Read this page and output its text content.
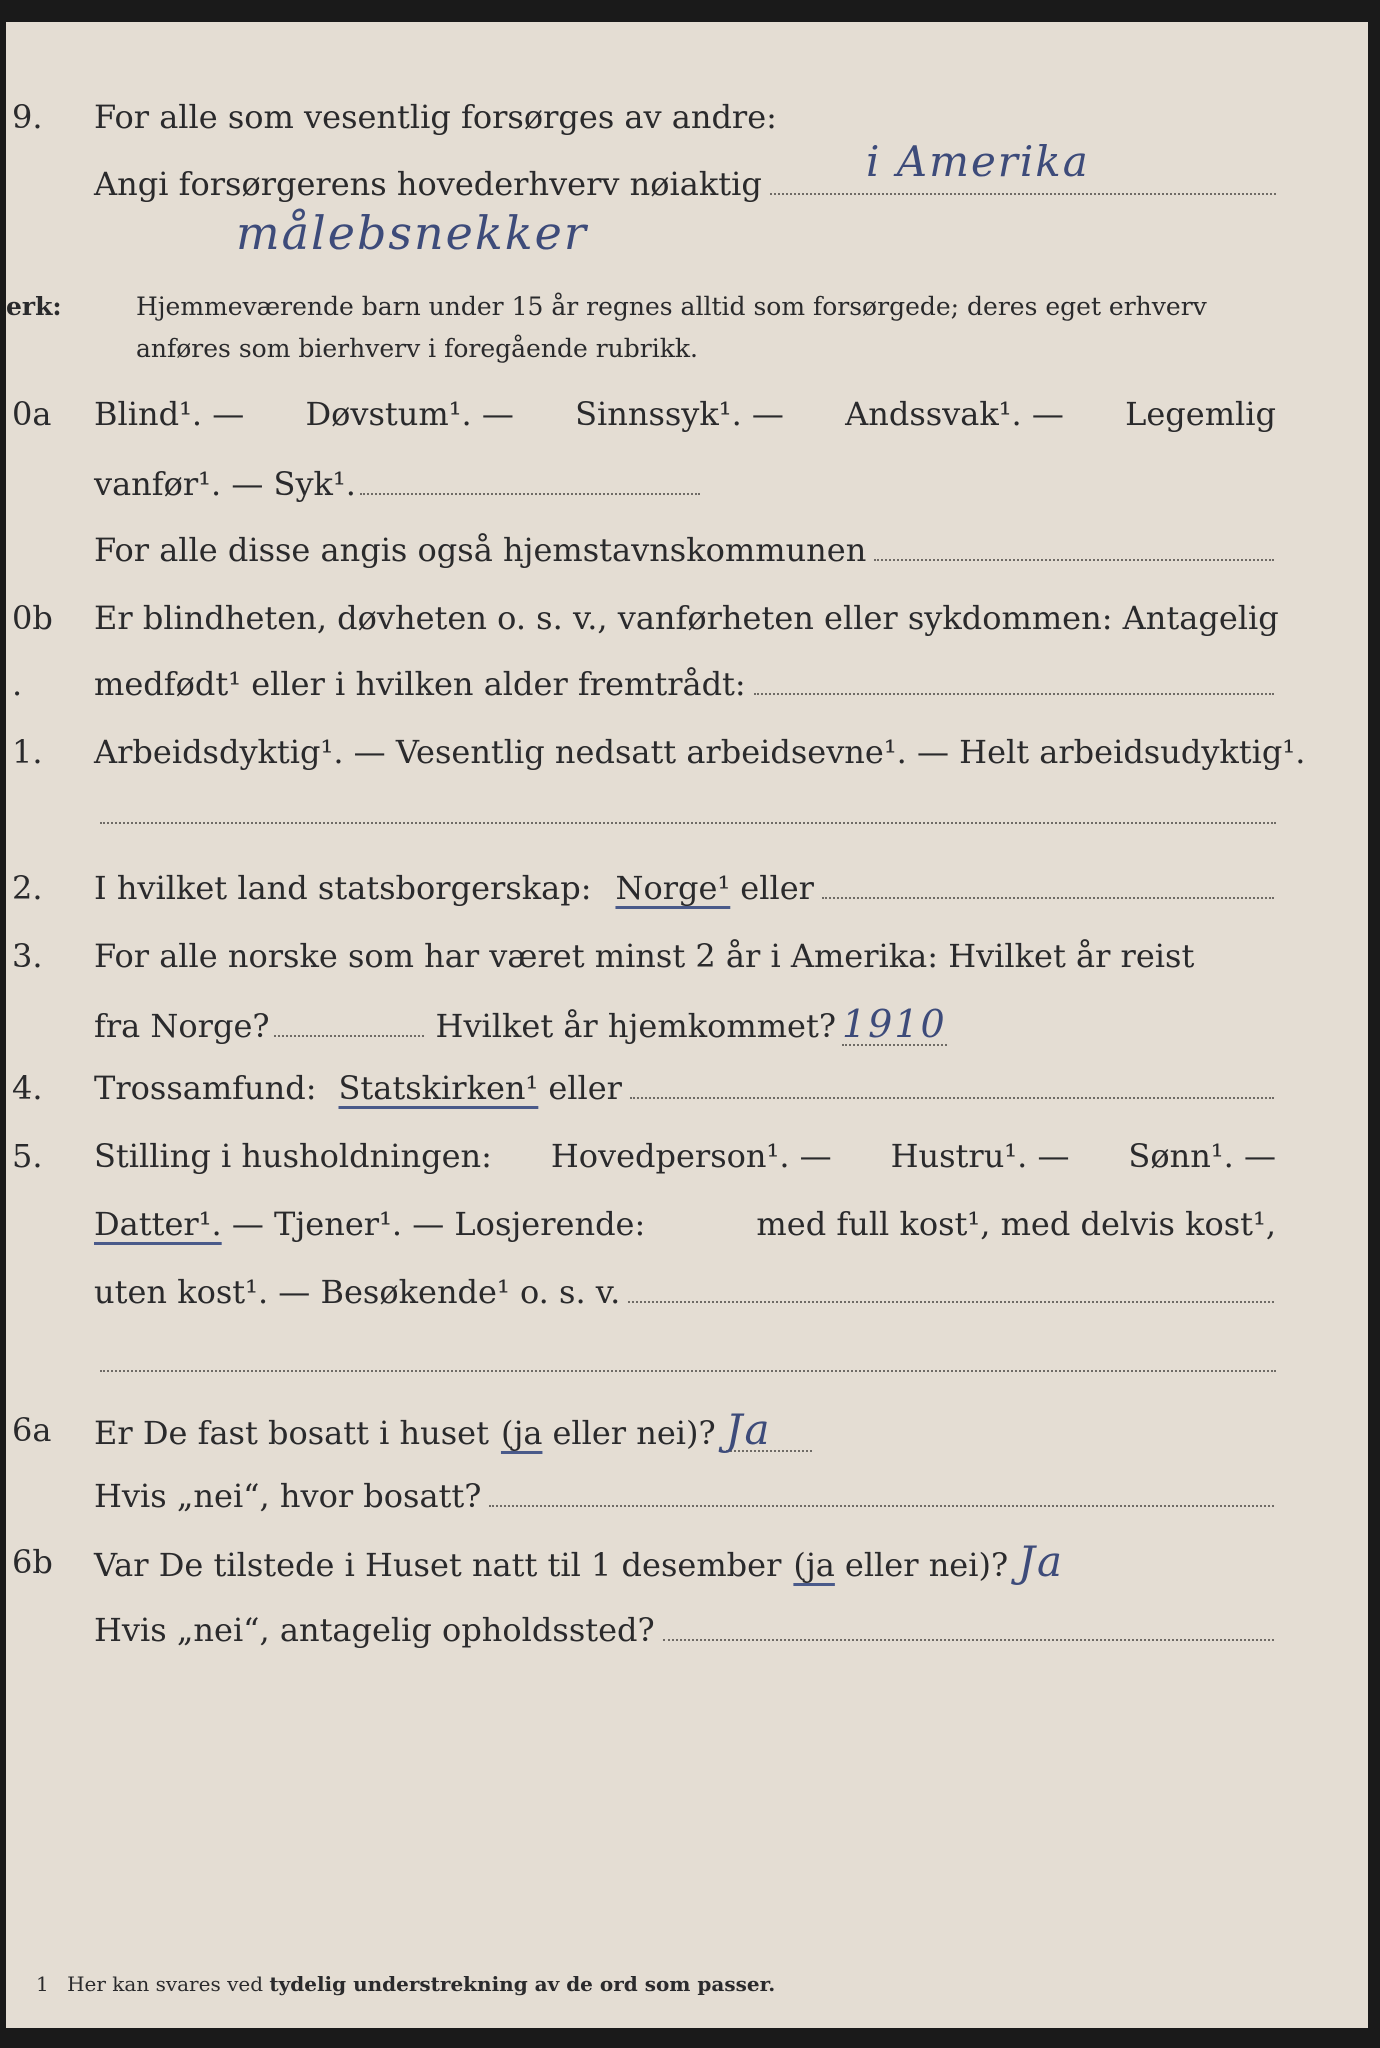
9.	For alle som vesentlig forsørges av andre:
Angi forsørgerens hovederhverv nøiaktig i Amerika
målebsnekker
erk:	Hjemmeværende barn under 15 år regnes alltid som forsørgede; deres eget erhverv
anføres som bierhverv i foregående rubrikk.
0a	Blind¹. — Døvstum¹. — Sinnssyk¹. — Andssvak¹. — Legemlig
vanfør¹. — Syk¹.
For alle disse angis også hjemstavnskommunen
0b	Er blindheten, døvheten o. s. v., vanførheten eller sykdommen: Antagelig
.	medfødt¹ eller i hvilken alder fremtrådt:
1.	Arbeidsdyktig¹. — Vesentlig nedsatt arbeidsevne¹. — Helt arbeidsudyktig¹.
2.	I hvilket land statsborgerskap: Norge¹ eller
3.	For alle norske som har været minst 2 år i Amerika: Hvilket år reist
fra Norge?	Hvilket år hjemkommet? 1910
4.	Trossamfund: Statskirken¹ eller
5.	Stilling i husholdningen: Hovedperson¹. — Hustru¹. — Sønn¹. —
Datter¹. — Tjener¹. — Losjerende:	med full kost¹, med delvis kost¹,
uten kost¹. — Besøkende¹ o. s. v.
6a	Er De fast bosatt i huset (ja eller nei)? Ja
Hvis „nei“, hvor bosatt?
6b	Var De tilstede i Huset natt til 1 desember (ja eller nei)? Ja
Hvis „nei“, antagelig opholdssted?
1 Her kan svares ved tydelig understrekning av de ord som passer.
